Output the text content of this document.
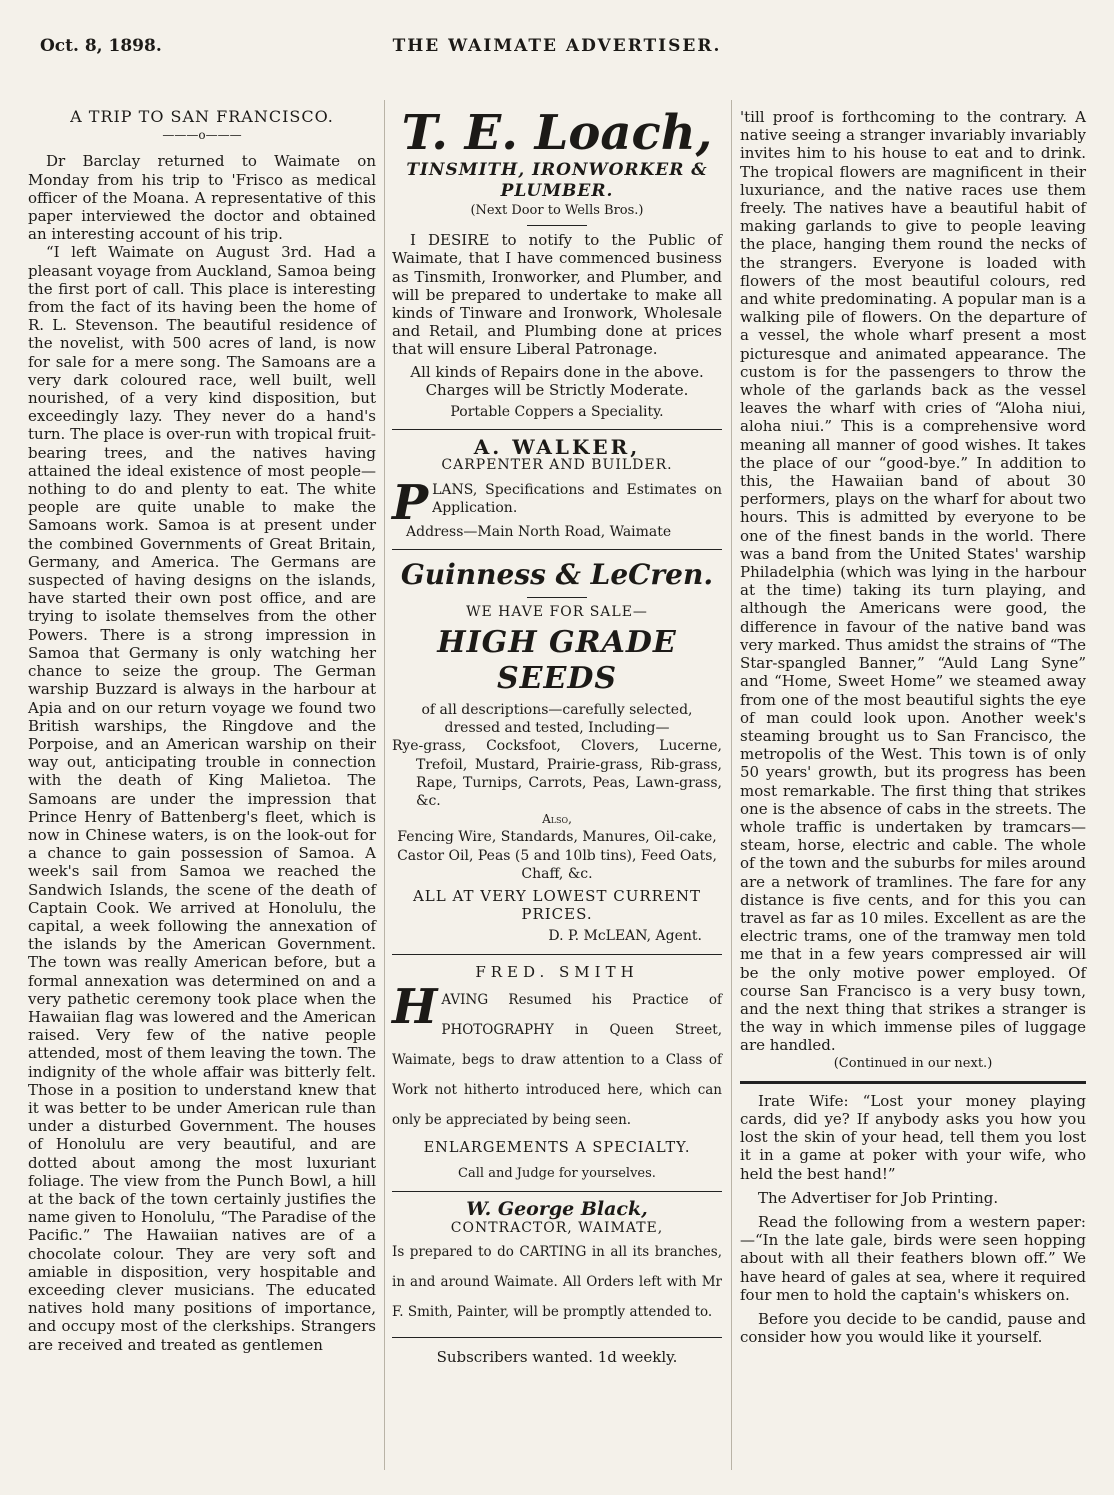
Oct. 8, 1898.	THE WAIMATE ADVERTISER.
A TRIP TO SAN FRANCISCO.
———o———

Dr Barclay returned to Waimate on Monday from his trip to 'Frisco as medical officer of the Moana. A representative of this paper interviewed the doctor and obtained an interesting account of his trip.

“I left Waimate on August 3rd. Had a pleasant voyage from Auckland, Samoa being the first port of call. This place is interesting from the fact of its having been the home of R. L. Stevenson. The beautiful residence of the novelist, with 500 acres of land, is now for sale for a mere song. The Samoans are a very dark coloured race, well built, well nourished, of a very kind disposition, but exceedingly lazy. They never do a hand's turn. The place is over-run with tropical fruit-bearing trees, and the natives having attained the ideal existence of most people—nothing to do and plenty to eat. The white people are quite unable to make the Samoans work. Samoa is at present under the combined Governments of Great Britain, Germany, and America. The Germans are suspected of having designs on the islands, have started their own post office, and are trying to isolate themselves from the other Powers. There is a strong impression in Samoa that Germany is only watching her chance to seize the group. The German warship Buzzard is always in the harbour at Apia and on our return voyage we found two British warships, the Ringdove and the Porpoise, and an American warship on their way out, anticipating trouble in connection with the death of King Malietoa. The Samoans are under the impression that Prince Henry of Battenberg's fleet, which is now in Chinese waters, is on the look-out for a chance to gain possession of Samoa. A week's sail from Samoa we reached the Sandwich Islands, the scene of the death of Captain Cook. We arrived at Honolulu, the capital, a week following the annexation of the islands by the American Government. The town was really American before, but a formal annexation was determined on and a very pathetic ceremony took place when the Hawaiian flag was lowered and the American raised. Very few of the native people attended, most of them leaving the town. The indignity of the whole affair was bitterly felt. Those in a position to understand knew that it was better to be under American rule than under a disturbed Government. The houses of Honolulu are very beautiful, and are dotted about among the most luxuriant foliage. The view from the Punch Bowl, a hill at the back of the town certainly justifies the name given to Honolulu, “The Paradise of the Pacific.” The Hawaiian natives are of a chocolate colour. They are very soft and amiable in disposition, very hospitable and exceeding clever musicians. The educated natives hold many positions of importance, and occupy most of the clerkships. Strangers are received and treated as gentlemen

T. E. Loach,
TINSMITH, IRONWORKER & PLUMBER.
(Next Door to Wells Bros.)

I DESIRE to notify to the Public of Waimate, that I have commenced business as Tinsmith, Ironworker, and Plumber, and will be prepared to undertake to make all kinds of Tinware and Ironwork, Wholesale and Retail, and Plumbing done at prices that will ensure Liberal Patronage.

All kinds of Repairs done in the above. Charges will be Strictly Moderate.
Portable Coppers a Speciality.
A. WALKER,
CARPENTER AND BUILDER.
P LANS, Specifications and Estimates on Application.
Address—Main North Road, Waimate
Guinness & LeCren.
WE HAVE FOR SALE—
HIGH GRADE SEEDS
of all descriptions—carefully selected, dressed and tested, Including—
Rye-grass, Cocksfoot, Clovers, Lucerne, Trefoil, Mustard, Prairie-grass, Rib-grass, Rape, Turnips, Carrots, Peas, Lawn-grass, &c.
Also,
Fencing Wire, Standards, Manures, Oil-cake, Castor Oil, Peas (5 and 10lb tins), Feed Oats, Chaff, &c.
ALL AT VERY LOWEST CURRENT PRICES.
D. P. McLEAN, Agent.
FRED. SMITH
H AVING Resumed his Practice of PHOTOGRAPHY in Queen Street, Waimate, begs to draw attention to a Class of Work not hitherto introduced here, which can only be appreciated by being seen.
ENLARGEMENTS A SPECIALTY.
Call and Judge for yourselves.
W. George Black,
CONTRACTOR, WAIMATE,
Is prepared to do CARTING in all its branches, in and around Waimate. All Orders left with Mr F. Smith, Painter, will be promptly attended to.
Subscribers wanted. 1d weekly.

'till proof is forthcoming to the contrary. A native seeing a stranger invariably invariably invites him to his house to eat and to drink. The tropical flowers are magnificent in their luxuriance, and the native races use them freely. The natives have a beautiful habit of making garlands to give to people leaving the place, hanging them round the necks of the strangers. Everyone is loaded with flowers of the most beautiful colours, red and white predominating. A popular man is a walking pile of flowers. On the departure of a vessel, the whole wharf present a most picturesque and animated appearance. The custom is for the passengers to throw the whole of the garlands back as the vessel leaves the wharf with cries of “Aloha niui, aloha niui.” This is a comprehensive word meaning all manner of good wishes. It takes the place of our “good-bye.” In addition to this, the Hawaiian band of about 30 performers, plays on the wharf for about two hours. This is admitted by everyone to be one of the finest bands in the world. There was a band from the United States' warship Philadelphia (which was lying in the harbour at the time) taking its turn playing, and although the Americans were good, the difference in favour of the native band was very marked. Thus amidst the strains of “The Star-spangled Banner,” “Auld Lang Syne” and “Home, Sweet Home” we steamed away from one of the most beautiful sights the eye of man could look upon. Another week's steaming brought us to San Francisco, the metropolis of the West. This town is of only 50 years' growth, but its progress has been most remarkable. The first thing that strikes one is the absence of cabs in the streets. The whole traffic is undertaken by tramcars—steam, horse, electric and cable. The whole of the town and the suburbs for miles around are a network of tramlines. The fare for any distance is five cents, and for this you can travel as far as 10 miles. Excellent as are the electric trams, one of the tramway men told me that in a few years compressed air will be the only motive power employed. Of course San Francisco is a very busy town, and the next thing that strikes a stranger is the way in which immense piles of luggage are handled.

(Continued in our next.)

Irate Wife: “Lost your money playing cards, did ye? If anybody asks you how you lost the skin of your head, tell them you lost it in a game at poker with your wife, who held the best hand!”

The Advertiser for Job Printing.

Read the following from a western paper:—“In the late gale, birds were seen hopping about with all their feathers blown off.” We have heard of gales at sea, where it required four men to hold the captain's whiskers on.

Before you decide to be candid, pause and consider how you would like it yourself.
